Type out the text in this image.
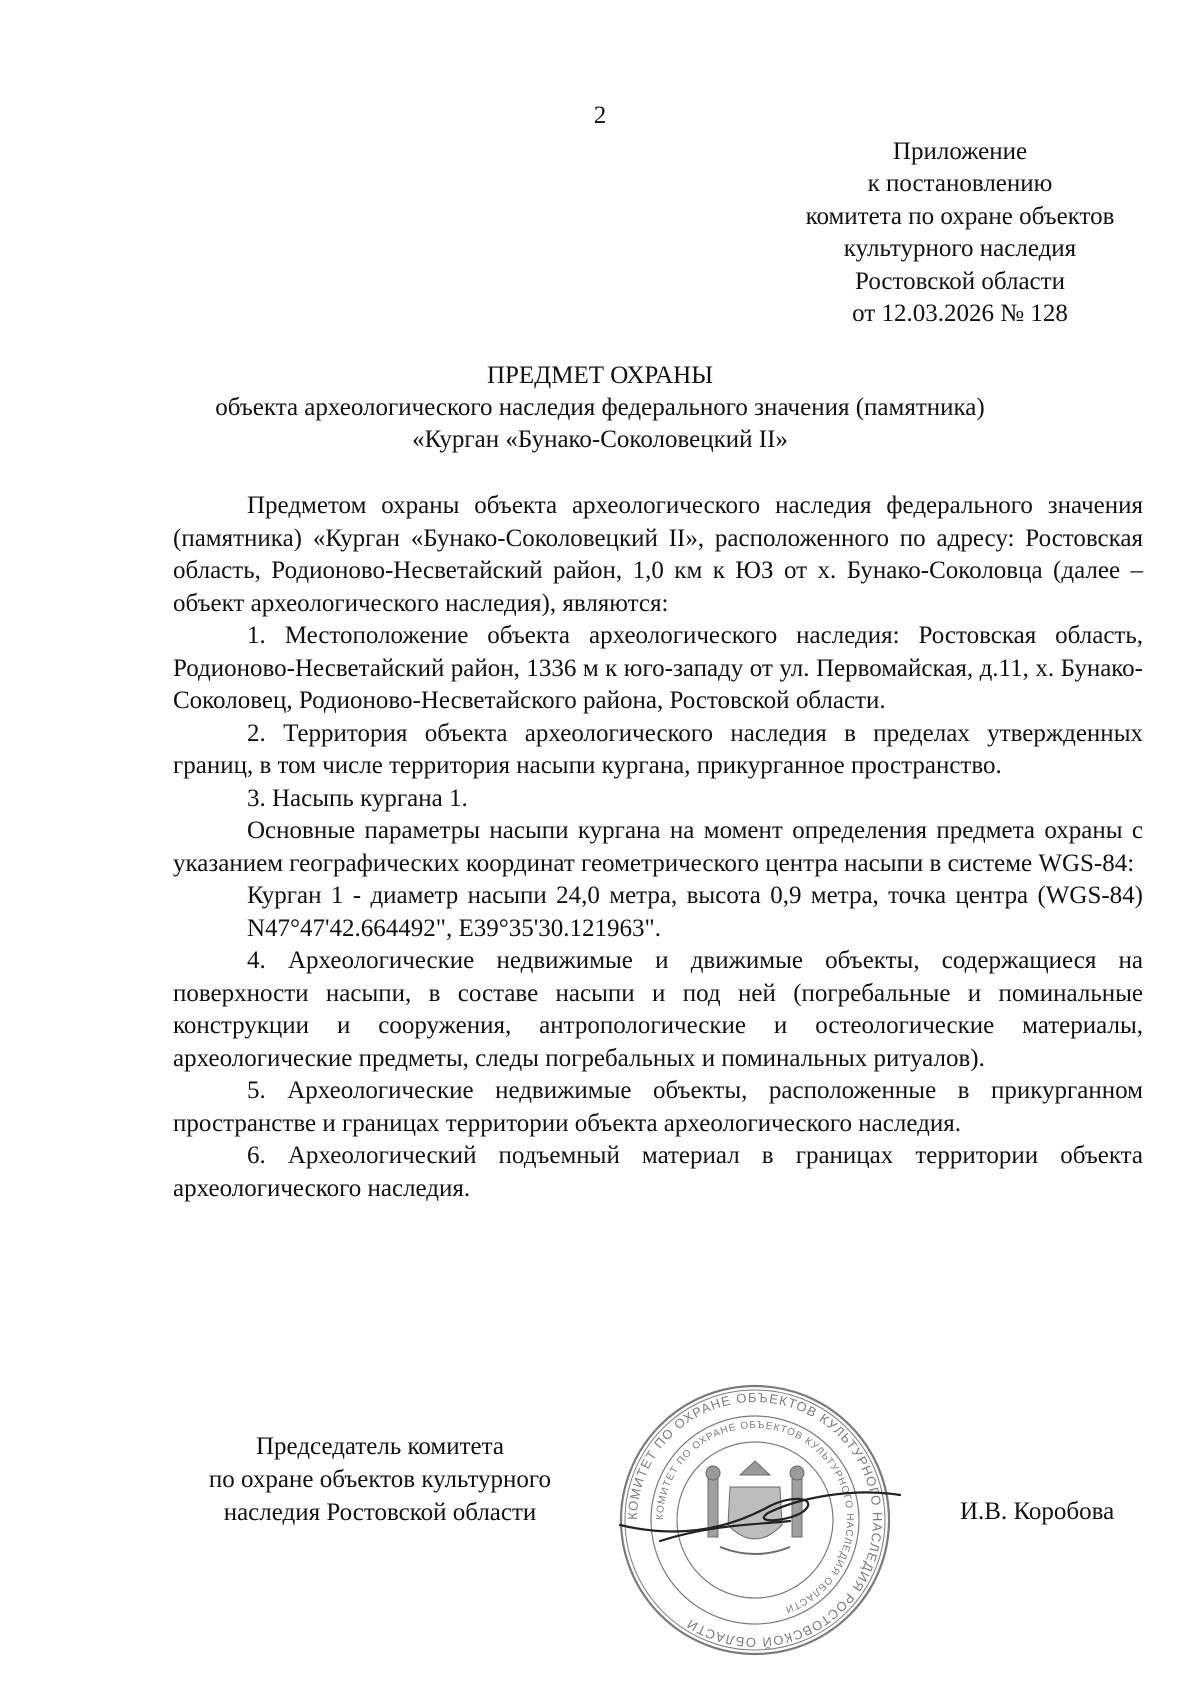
2
Приложение
к постановлению
комитета по охране объектов
культурного наследия
Ростовской области
от 12.03.2026 № 128
ПРЕДМЕТ ОХРАНЫ
объекта археологического наследия федерального значения (памятника)
«Курган «Бунако-Соколовецкий II»

Предметом охраны объекта археологического наследия федерального значения (памятника) «Курган «Бунако-Соколовецкий II», расположенного по адресу: Ростовская область, Родионово-Несветайский район, 1,0 км к ЮЗ от х. Бунако-Соколовца (далее – объект археологического наследия), являются:

1. Местоположение объекта археологического наследия: Ростовская область, Родионово-Несветайский район, 1336 м к юго-западу от ул. Первомайская, д.11, х. Бунако-Соколовец, Родионово-Несветайского района, Ростовской области.

2. Территория объекта археологического наследия в пределах утвержденных границ, в том числе территория насыпи кургана, прикурганное пространство.

3. Насыпь кургана 1.

Основные параметры насыпи кургана на момент определения предмета охраны с указанием географических координат геометрического центра насыпи в системе WGS-84:

Курган 1 - диаметр насыпи 24,0 метра, высота 0,9 метра, точка центра (WGS-84) N47°47'42.664492", E39°35'30.121963".

4. Археологические недвижимые и движимые объекты, содержащиеся на поверхности насыпи, в составе насыпи и под ней (погребальные и поминальные конструкции и сооружения, антропологические и остеологические материалы, археологические предметы, следы погребальных и поминальных ритуалов).

5. Археологические недвижимые объекты, расположенные в прикурганном пространстве и границах территории объекта археологического наследия.

6. Археологический подъемный материал в границах территории объекта археологического наследия.

Председатель комитета
по охране объектов культурного
наследия Ростовской области	КОМИТЕТ ПО ОХРАНЕ ОБЪЕКТОВ КУЛЬТУРНОГО НАСЛЕДИЯ РОСТОВСКОЙ ОБЛАСТИ
КОМИТЕТ ПО ОХРАНЕ ОБЪЕКТОВ КУЛЬТУРНОГО НАСЛЕДИЯ ОБЛАСТИ
И.В. Коробова
